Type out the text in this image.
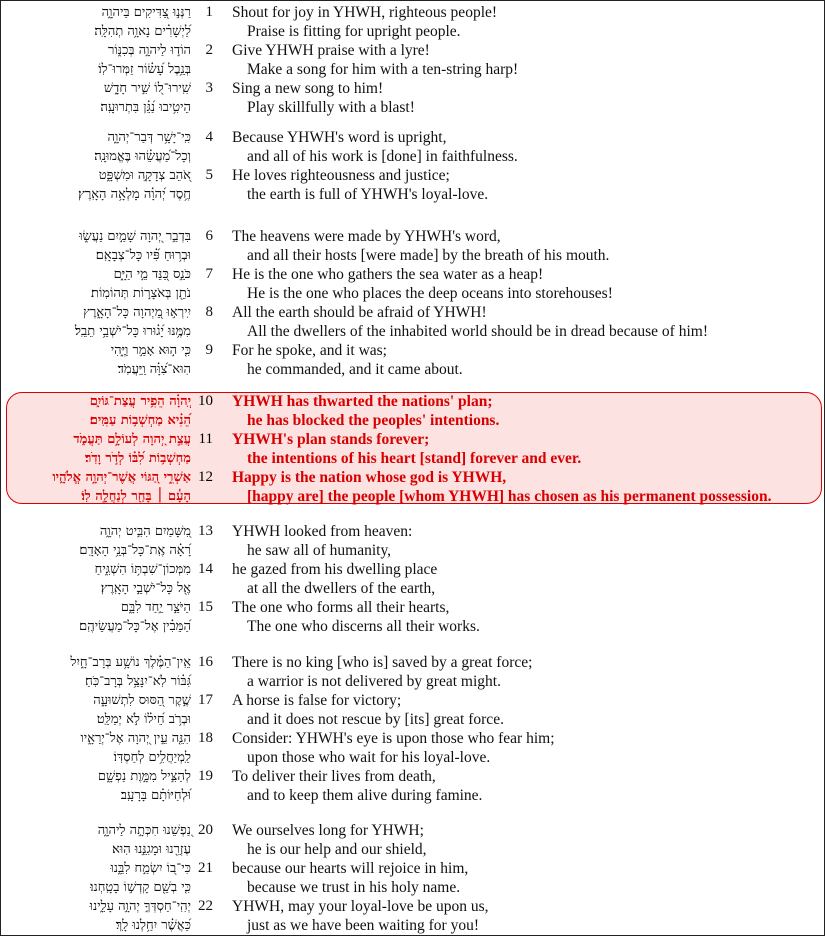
רַנְּנ֣וּ צַ֭דִּיקִים בַּיהוָ֑ה 1 Shout for joy in YHWH, righteous people!
לַ֝יְשָׁרִ֗ים נָאוָ֥ה תְהִלָּֽה׃	Praise is fitting for upright people.
הוֹד֣וּ לַיהוָ֣ה בְּכִנּ֑וֹר 2 Give YHWH praise with a lyre!
בְּנֵ֥בֶל עָ֝שׂ֗וֹר זַמְּרוּ־לֽוֹ׃	Make a song for him with a ten-string harp!
שִֽׁירוּ־ל֭וֹ שִׁ֣יר חָדָ֑שׁ 3 Sing a new song to him!
הֵיטִ֥יבוּ נַ֝גֵּ֗ן בִּתְרוּעָֽה׃	Play skillfully with a blast!
כִּֽי־יָשָׁ֥ר דְּבַר־יְהוָ֑ה 4 Because YHWH's word is upright,
וְכָל־מַ֝עֲשֵׂ֗הוּ בֶּאֱמוּנָֽה׃	and all of his work is [done] in faithfulness.
אֹ֭הֵב צְדָקָ֣ה וּמִשְׁפָּ֑ט 5 He loves righteousness and justice;
חֶ֥סֶד יְ֝הוָ֗ה מָלְאָ֥ה הָאָֽרֶץ׃	the earth is full of YHWH's loyal-love.
בִּדְבַ֣ר יְ֭הוָה שָׁמַ֣יִם נַעֲשׂ֑וּ 6 The heavens were made by YHWH's word,
וּבְר֥וּחַ פִּ֝֗יו כָּל־צְבָאָֽם׃	and all their hosts [were made] by the breath of his mouth.
כֹּנֵ֣ס כַּ֭נֵּד מֵ֣י הַיָּ֑ם 7 He is the one who gathers the sea water as a heap!
נֹתֵ֖ן בְּאֹצָר֣וֹת תְּהוֹמֽוֹת׃	He is the one who places the deep oceans into storehouses!
יִֽירְא֣וּ מֵ֭יְהוָה כָּל־הָאָ֑רֶץ 8 All the earth should be afraid of YHWH!
מִמֶּ֥נּוּ יָ֝ג֗וּרוּ כָּל־יֹשְׁבֵ֥י תֵבֵֽל׃	All the dwellers of the inhabited world should be in dread because of him!
כִּ֤י ה֣וּא אָמַ֣ר וַיֶּ֑הִי 9 For he spoke, and it was;
הֽוּא־צִ֝וָּ֗ה וַֽיַּעֲמֹֽד׃	he commanded, and it came about.
יְֽהוָ֗ה הֵפִ֥יר עֲצַת־גּוֹיִ֑ם 10 YHWH has thwarted the nations' plan;
הֵ֝נִ֗יא מַחְשְׁב֥וֹת עַמִּֽים׃	he has blocked the peoples' intentions.
עֲצַ֣ת יְ֭הוָה לְעוֹלָ֣ם תַּעֲמֹ֑ד 11 YHWH's plan stands forever;
מַחְשְׁב֥וֹת לִ֝בּ֗וֹ לְדֹ֣ר וָדֹֽר׃	the intentions of his heart [stand] forever and ever.
אַשְׁרֵ֣י הַ֭גּוֹי אֲשֶׁר־יְהוָ֣ה אֱלֹהָ֑יו 12 Happy is the nation whose god is YHWH,
הָעָ֓ם ׀ בָּחַ֖ר לְנַחֲלָ֣ה לֽוֹ׃	[happy are] the people [whom YHWH] has chosen as his permanent possession.
מִ֭שָּׁמַיִם הִבִּ֣יט יְהוָ֑ה 13 YHWH looked from heaven:
רָ֝אָ֗ה אֶֽת־כָּל־בְּנֵ֥י הָאָדָֽם׃	he saw all of humanity,
מִמְּכוֹן־שִׁבְתּ֥וֹ הִשְׁגִּ֑יחַ 14 he gazed from his dwelling place
אֶ֖ל כָּל־יֹשְׁבֵ֣י הָאָֽרֶץ׃	at all the dwellers of the earth,
הַיֹּצֵ֣ר יַ֣חַד לִבָּ֑ם 15 The one who forms all their hearts,
הַ֝מֵּבִ֗ין אֶל־כָּל־מַעֲשֵׂיהֶֽם׃	The one who discerns all their works.
אֵֽין־הַמֶּ֗לֶךְ נוֹשָׁ֥ע בְּרָב־חָ֑יִל 16 There is no king [who is] saved by a great force;
גִּ֝בּ֗וֹר לֹֽא־יִנָּצֵ֥ל בְּרָב־כֹּֽחַ׃	a warrior is not delivered by great might.
שֶׁ֣קֶר הַ֭סּוּס לִתְשׁוּעָ֑ה 17 A horse is false for victory;
וּבְרֹ֥ב חֵ֝יל֗וֹ לֹ֣א יְמַלֵּֽט׃	and it does not rescue by [its] great force.
הִנֵּ֤ה עֵ֣ין יְ֭הוָה אֶל־יְרֵאָ֑יו 18 Consider: YHWH's eye is upon those who fear him;
לַֽמְיַחֲלִ֥ים לְחַסְדּֽוֹ׃	upon those who wait for his loyal-love.
לְהַצִּ֣יל מִמָּ֣וֶת נַפְשָׁ֑ם 19 To deliver their lives from death,
וּ֝לְחַיּוֹתָ֗ם בָּרָעָֽב׃	and to keep them alive during famine.
נַ֭פְשֵׁנוּ חִכְּתָ֣ה לַיהוָ֑ה 20 We ourselves long for YHWH;
עֶזְרֵ֖נוּ וּמָגִנֵּ֣נוּ הֽוּא׃	he is our help and our shield,
כִּי־ב֭וֹ יִשְׂמַ֣ח לִבֵּ֑נוּ 21 because our hearts will rejoice in him,
כִּ֤י בְשֵׁ֖ם קָדְשׁ֣וֹ בָטָֽחְנוּ׃	because we trust in his holy name.
יְהִֽי־חַסְדְּךָ֣ יְהוָ֣ה עָלֵ֑ינוּ 22 YHWH, may your loyal-love be upon us,
כַּ֝אֲשֶׁ֗ר יִחַ֥לְנוּ לָֽךְ׃	just as we have been waiting for you!
